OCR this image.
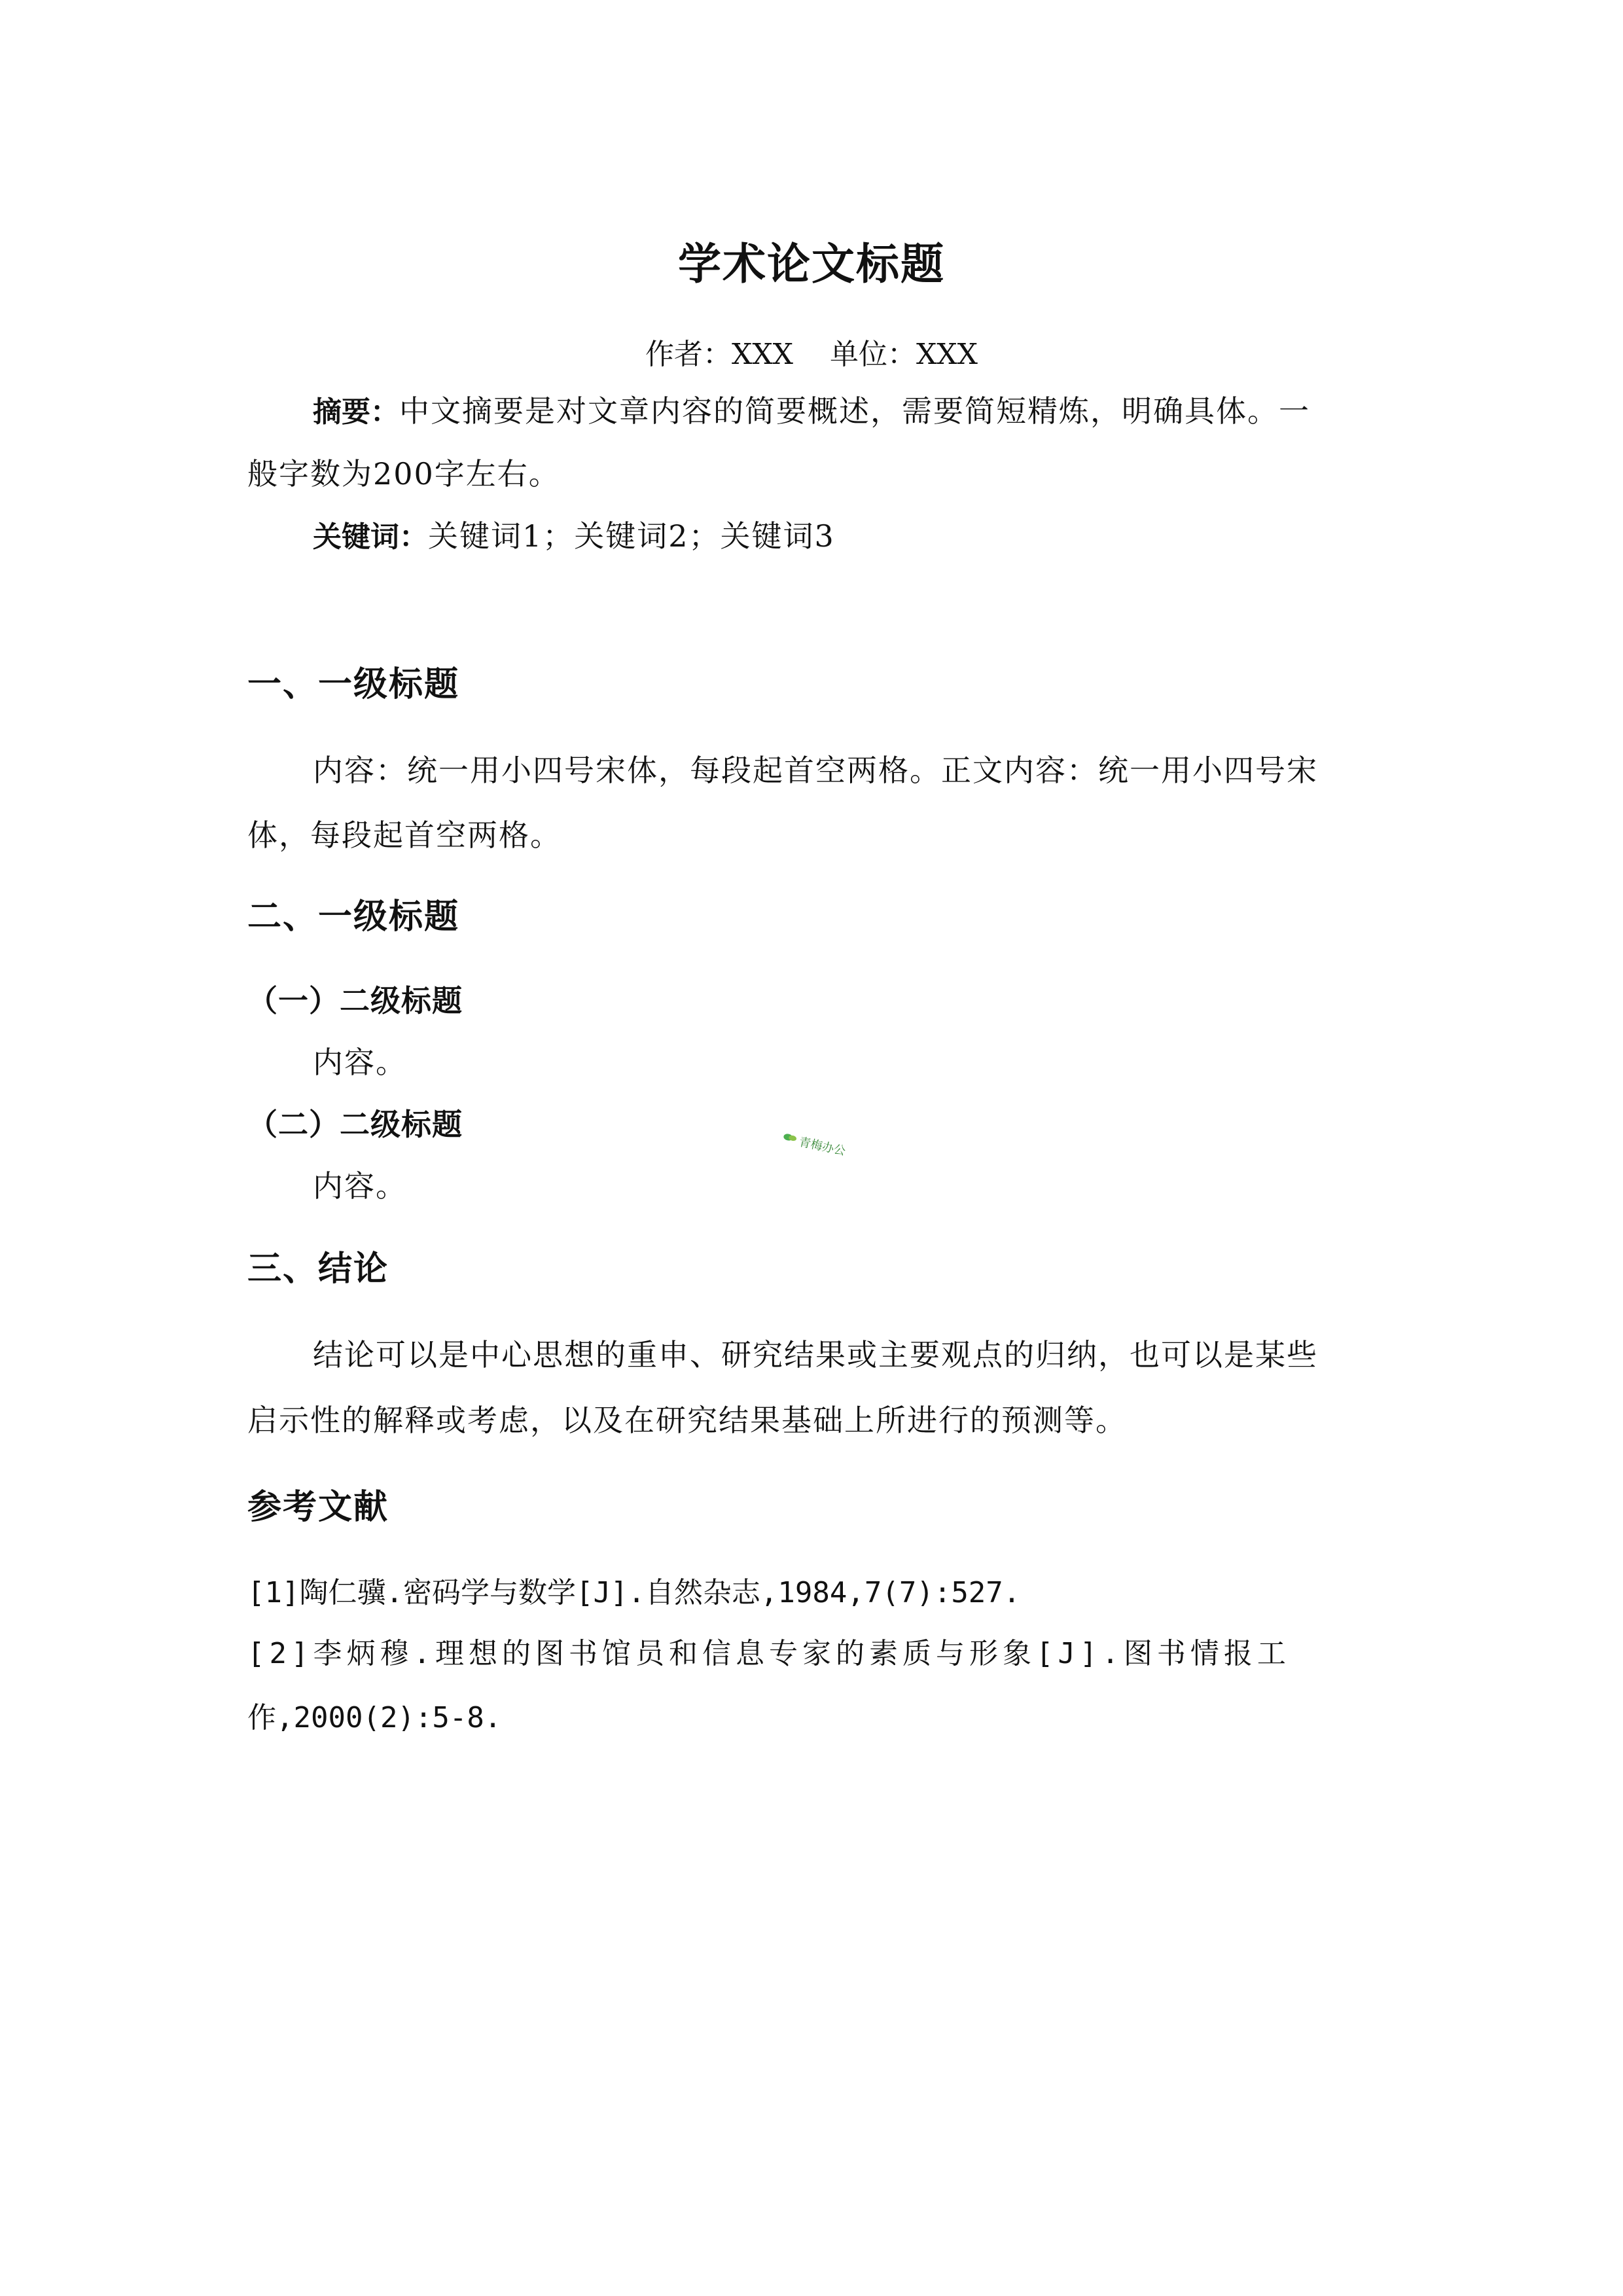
学术论文标题
作者：XXX 单位：XXX
摘要：中文摘要是对文章内容的简要概述，需要简短精炼，明确具体。一
般字数为200字左右。
关键词：关键词1；关键词2；关键词3
一、一级标题
内容：统一用小四号宋体，每段起首空两格。正文内容：统一用小四号宋
体，每段起首空两格。
二、一级标题
（一）二级标题
内容。
（二）二级标题
内容。
三、结论
结论可以是中心思想的重申、研究结果或主要观点的归纳，也可以是某些
启示性的解释或考虑，以及在研究结果基础上所进行的预测等。
参考文献
[1]陶仁骥.密码学与数学[J].自然杂志,1984,7(7):527.
[2]李炳穆.理想的图书馆员和信息专家的素质与形象[J].图书情报工
作,2000(2):5-8.
青梅办公
